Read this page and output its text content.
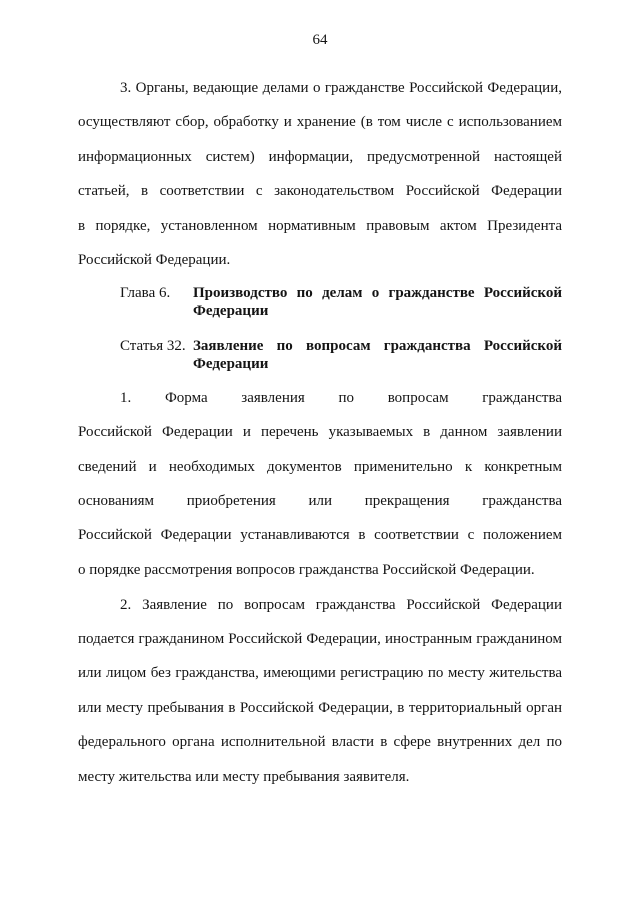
64
3. Органы, ведающие делами о гражданстве Российской Федерации,
осуществляют сбор, обработку и хранение (в том числе с использованием
информационных систем) информации, предусмотренной настоящей
статьей, в соответствии с законодательством Российской Федерации
в порядке, установленном нормативным правовым актом Президента
Российской Федерации.
Глава 6.	Производство по делам о гражданстве Российской
Федерации
Статья 32. Заявление по вопросам гражданства Российской
Федерации
1. Форма заявления по вопросам гражданства
Российской Федерации и перечень указываемых в данном заявлении
сведений и необходимых документов применительно к конкретным
основаниям приобретения или прекращения гражданства
Российской Федерации устанавливаются в соответствии с положением
о порядке рассмотрения вопросов гражданства Российской Федерации.
2. Заявление по вопросам гражданства Российской Федерации
подается гражданином Российской Федерации, иностранным гражданином
или лицом без гражданства, имеющими регистрацию по месту жительства
или месту пребывания в Российской Федерации, в территориальный орган
федерального органа исполнительной власти в сфере внутренних дел по
месту жительства или месту пребывания заявителя.
